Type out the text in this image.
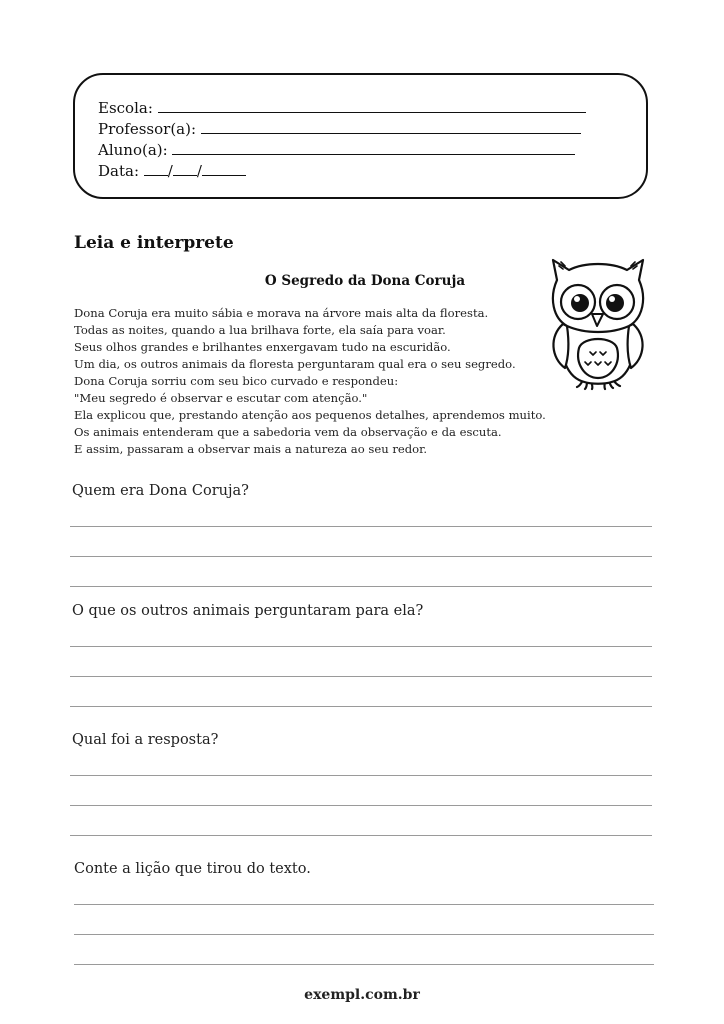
Escola:
Professor(a):
Aluno(a):
Data: / /
Leia e interprete
O Segredo da Dona Coruja
Dona Coruja era muito sábia e morava na árvore mais alta da floresta.
Todas as noites, quando a lua brilhava forte, ela saía para voar.
Seus olhos grandes e brilhantes enxergavam tudo na escuridão.
Um dia, os outros animais da floresta perguntaram qual era o seu segredo.
Dona Coruja sorriu com seu bico curvado e respondeu:
"Meu segredo é observar e escutar com atenção."
Ela explicou que, prestando atenção aos pequenos detalhes, aprendemos muito.
Os animais entenderam que a sabedoria vem da observação e da escuta.
E assim, passaram a observar mais a natureza ao seu redor.
Quem era Dona Coruja?
O que os outros animais perguntaram para ela?
Qual foi a resposta?
Conte a lição que tirou do texto.
exempl.com.br
